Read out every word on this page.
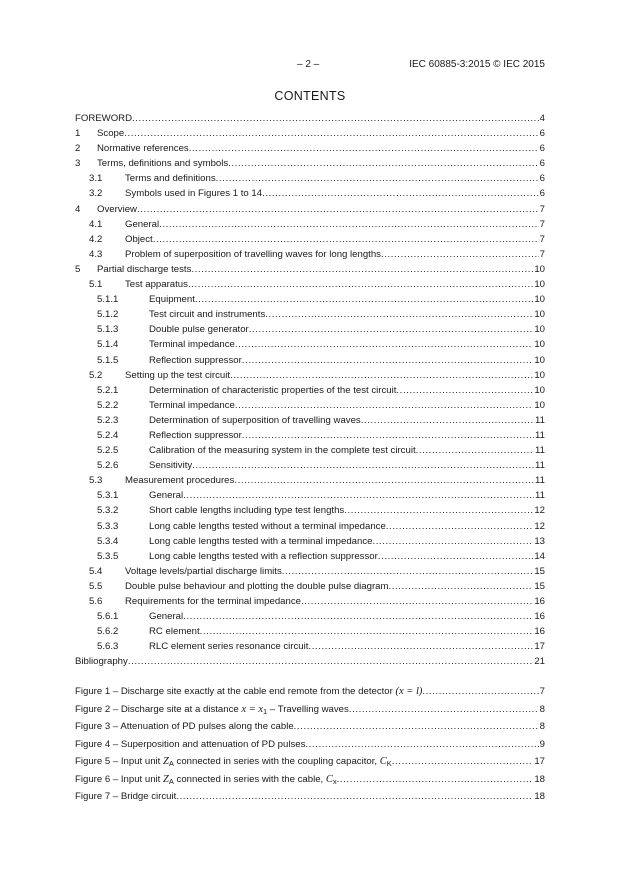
– 2 –	IEC 60885-3:2015 © IEC 2015
CONTENTS
FOREWORD .....	4
1	Scope .....	6
2	Normative references .....	6
3	Terms, definitions and symbols .....	6
3.1	Terms and definitions .....	6
3.2	Symbols used in Figures 1 to 14 .....	6
4	Overview .....	7
4.1	General .....	7
4.2	Object .....	7
4.3	Problem of superposition of travelling waves for long lengths .....	7
5	Partial discharge tests .....	10
5.1	Test apparatus .....	10
5.1.1	Equipment .....	10
5.1.2	Test circuit and instruments .....	10
5.1.3	Double pulse generator .....	10
5.1.4	Terminal impedance .....	10
5.1.5	Reflection suppressor .....	10
5.2	Setting up the test circuit .....	10
5.2.1	Determination of characteristic properties of the test circuit .....	10
5.2.2	Terminal impedance .....	10
5.2.3	Determination of superposition of travelling waves .....	11
5.2.4	Reflection suppressor .....	11
5.2.5	Calibration of the measuring system in the complete test circuit .....	11
5.2.6	Sensitivity .....	11
5.3	Measurement procedures .....	11
5.3.1	General .....	11
5.3.2	Short cable lengths including type test lengths .....	12
5.3.3	Long cable lengths tested without a terminal impedance .....	12
5.3.4	Long cable lengths tested with a terminal impedance .....	13
5.3.5	Long cable lengths tested with a reflection suppressor .....	14
5.4	Voltage levels/partial discharge limits .....	15
5.5	Double pulse behaviour and plotting the double pulse diagram .....	15
5.6	Requirements for the terminal impedance .....	16
5.6.1	General .....	16
5.6.2	RC element .....	16
5.6.3	RLC element series resonance circuit .....	17
Bibliography .....	21
Figure 1 – Discharge site exactly at the cable end remote from the detector (x = l) .....	7
Figure 2 – Discharge site at a distance $x = x_1$ – Travelling waves .....	8
Figure 3 – Attenuation of PD pulses along the cable .....	8
Figure 4 – Superposition and attenuation of PD pulses .....	9
Figure 5 – Input unit $Z_A$ connected in series with the coupling capacitor, $C_K$ .....	17
Figure 6 – Input unit $Z_A$ connected in series with the cable, $C_x$ .....	18
Figure 7 – Bridge circuit .....	18
